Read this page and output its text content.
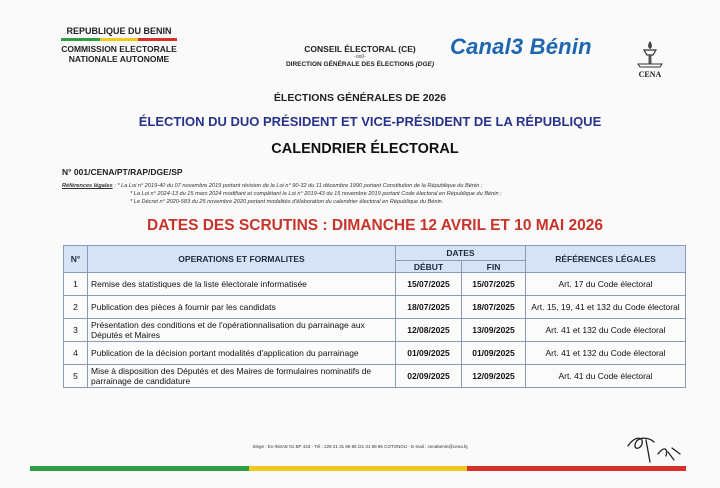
REPUBLIQUE DU BENIN
COMMISSION ELECTORALE
NATIONALE AUTONOME
CONSEIL ÉLECTORAL (CE)
-oo0-
DIRECTION GÉNÉRALE DES ÉLECTIONS (DGE)
Canal3 Bénin
CENA
ÉLECTIONS GÉNÉRALES DE 2026
ÉLECTION DU DUO PRÉSIDENT ET VICE-PRÉSIDENT DE LA RÉPUBLIQUE
CALENDRIER ÉLECTORAL
N° 001/CENA/PT/RAP/DGE/SP
Références légales : * La Loi n° 2019-40 du 07 novembre 2019 portant révision de la Loi n° 90-32 du 11 décembre 1990 portant Constitution de la République du Bénin ;
* La Loi n° 2024-13 du 15 mars 2024 modifiant et complétant la Loi n° 2019-43 du 15 novembre 2019 portant Code électoral en République du Bénin ;
* Le Décret n° 2020-583 du 25 novembre 2020 portant modalités d'élaboration du calendrier électoral en République du Bénin.
DATES DES SCRUTINS : DIMANCHE 12 AVRIL ET 10 MAI 2026
N°	OPERATIONS ET FORMALITES	DATES		RÉFÉRENCES LÉGALES
		DÉBUT	FIN	
1	Remise des statistiques de la liste électorale informatisée	15/07/2025	15/07/2025	Art. 17 du Code électoral
2	Publication des pièces à fournir par les candidats	18/07/2025	18/07/2025	Art. 15, 19, 41 et 132 du Code électoral
3	Présentation des conditions et de l'opérationnalisation du parrainage aux Députés et Maires	12/08/2025	13/09/2025	Art. 41 et 132 du Code électoral
4	Publication de la décision portant modalités d'application du parrainage	01/09/2025	01/09/2025	Art. 41 et 132 du Code électoral
5	Mise à disposition des Députés et des Maires de formulaires nominatifs de parrainage de candidature	02/09/2025	12/09/2025	Art. 41 du Code électoral
Siège : Ex-INSAE 01 BP 443 - Tél : 229 21 31 89 85 /21 31 89 86 COTONOU - E-mail : cenabenin@cena.bj
